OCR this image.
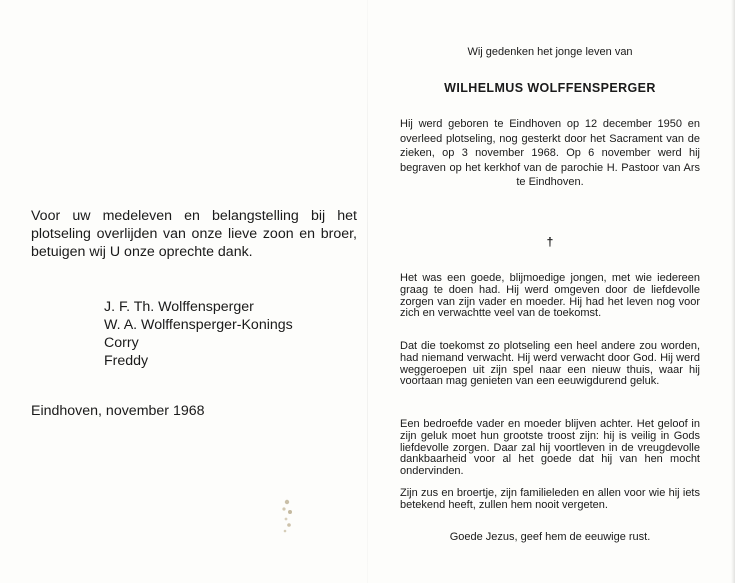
Voor uw medeleven en belangstelling bij het plotseling overlijden van onze lieve zoon en broer, betuigen wij U onze oprechte dank.
J. F. Th. Wolffensperger
W. A. Wolffensperger-Konings
Corry
Freddy
Eindhoven, november 1968
Wij gedenken het jonge leven van
WILHELMUS WOLFFENSPERGER
Hij werd geboren te Eindhoven op 12 december 1950 en overleed plotseling, nog gesterkt door het Sacrament van de zieken, op 3 november 1968. Op 6 november werd hij begraven op het kerkhof van de parochie H. Pastoor van Ars te Eindhoven.
†
Het was een goede, blijmoedige jongen, met wie iedereen graag te doen had. Hij werd omgeven door de liefdevolle zorgen van zijn vader en moeder. Hij had het leven nog voor zich en verwachtte veel van de toekomst.
Dat die toekomst zo plotseling een heel andere zou worden, had niemand verwacht. Hij werd verwacht door God. Hij werd weggeroepen uit zijn spel naar een nieuw thuis, waar hij voortaan mag genieten van een eeuwigdurend geluk.
Een bedroefde vader en moeder blijven achter. Het geloof in zijn geluk moet hun grootste troost zijn: hij is veilig in Gods liefdevolle zorgen. Daar zal hij voortleven in de vreugdevolle dankbaarheid voor al het goede dat hij van hen mocht ondervinden.
Zijn zus en broertje, zijn familieleden en allen voor wie hij iets betekend heeft, zullen hem nooit vergeten.
Goede Jezus, geef hem de eeuwige rust.
